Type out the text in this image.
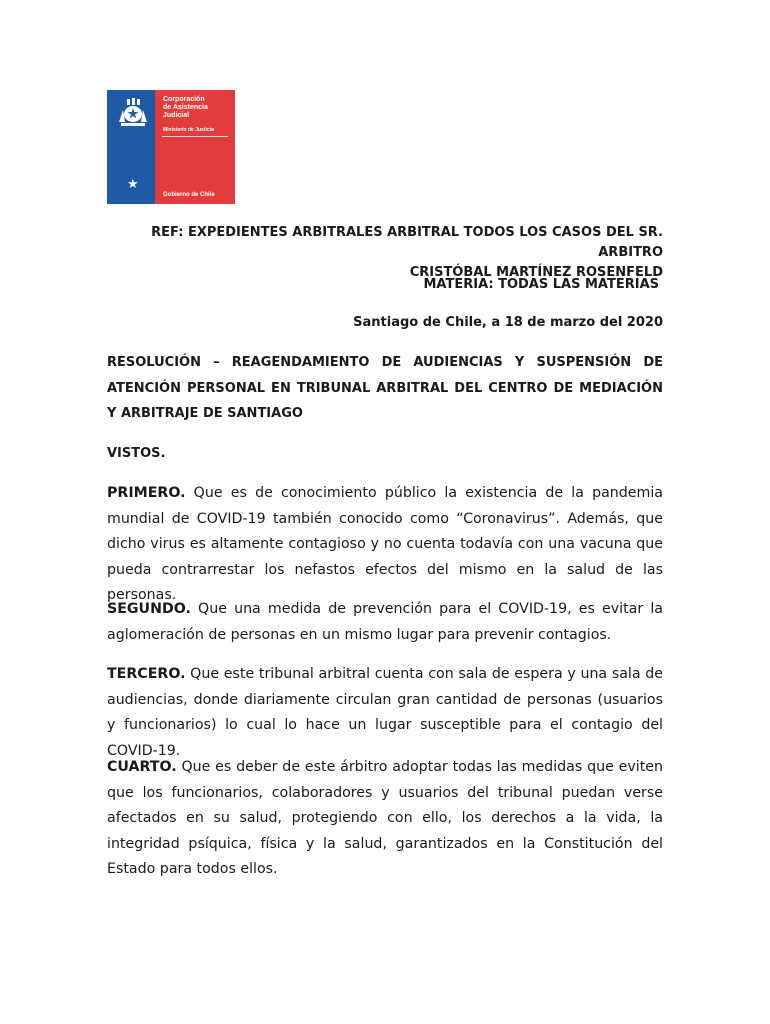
★
Corporación
de Asistencia
Judicial
Ministerio de Justicia
Gobierno de Chile
REF: EXPEDIENTES ARBITRALES ARBITRAL TODOS LOS CASOS DEL SR. ARBITRO
CRISTÓBAL MARTÍNEZ ROSENFELD
MATERIA: TODAS LAS MATERIAS
Santiago de Chile, a 18 de marzo del 2020
RESOLUCIÓN – REAGENDAMIENTO DE AUDIENCIAS Y SUSPENSIÓN DE ATENCIÓN PERSONAL EN TRIBUNAL ARBITRAL DEL CENTRO DE MEDIACIÓN Y ARBITRAJE DE SANTIAGO
VISTOS.
PRIMERO. Que es de conocimiento público la existencia de la pandemia mundial de COVID-19 también conocido como “Coronavirus”. Además, que dicho virus es altamente contagioso y no cuenta todavía con una vacuna que pueda contrarrestar los nefastos efectos del mismo en la salud de las personas.
SEGUNDO. Que una medida de prevención para el COVID-19, es evitar la aglomeración de personas en un mismo lugar para prevenir contagios.
TERCERO. Que este tribunal arbitral cuenta con sala de espera y una sala de audiencias, donde diariamente circulan gran cantidad de personas (usuarios y funcionarios) lo cual lo hace un lugar susceptible para el contagio del COVID-19.
CUARTO. Que es deber de este árbitro adoptar todas las medidas que eviten que los funcionarios, colaboradores y usuarios del tribunal puedan verse afectados en su salud, protegiendo con ello, los derechos a la vida, la integridad psíquica, física y la salud, garantizados en la Constitución del Estado para todos ellos.
